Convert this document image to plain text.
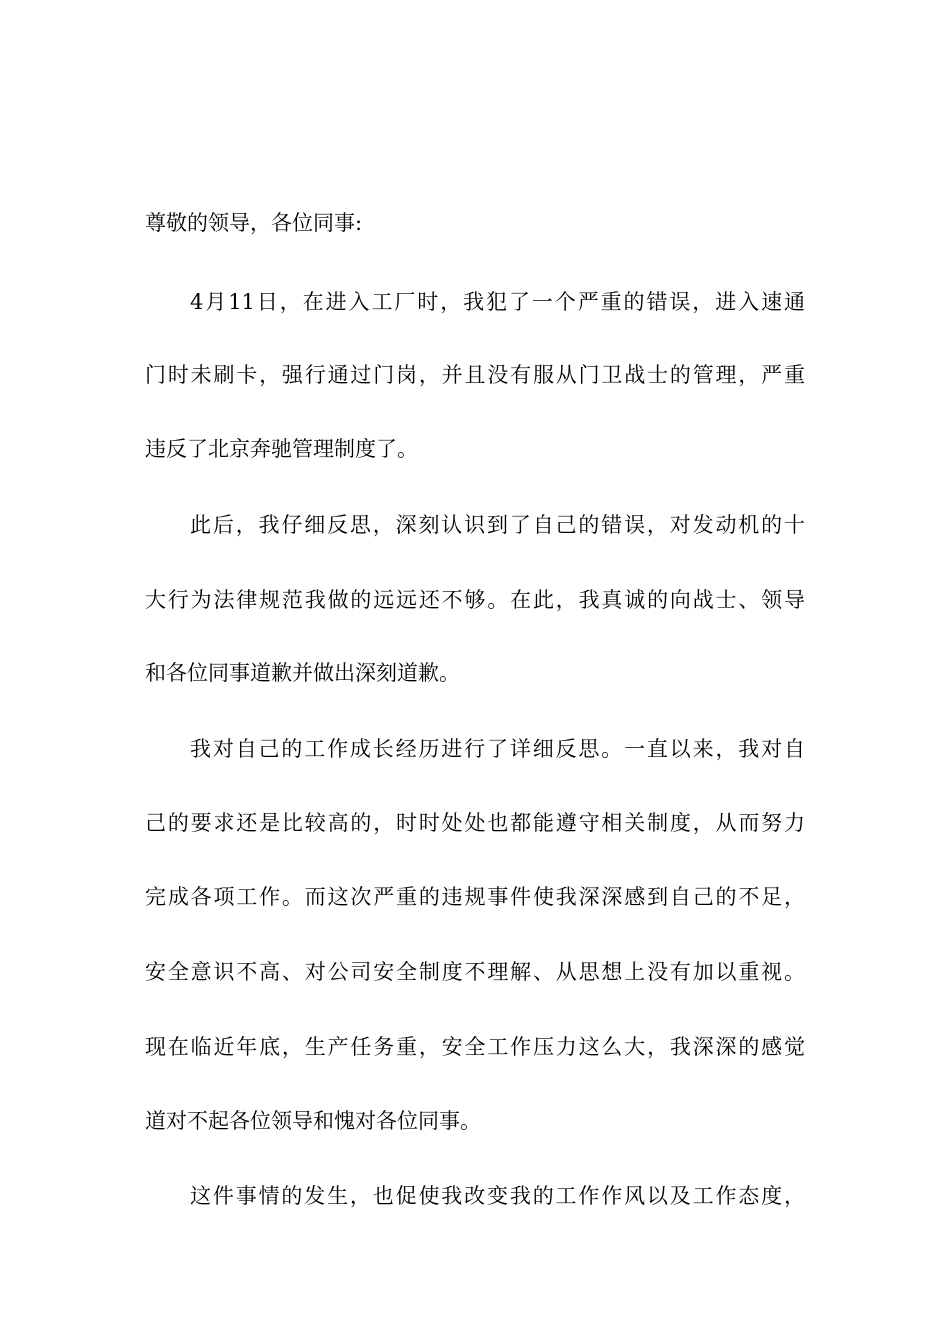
尊敬的领导，各位同事:
4月11日，在进入工厂时，我犯了一个严重的错误，进入速通
门时未刷卡，强行通过门岗，并且没有服从门卫战士的管理，严重
违反了北京奔驰管理制度了。
此后，我仔细反思，深刻认识到了自己的错误，对发动机的十
大行为法律规范我做的远远还不够。在此，我真诚的向战士、领导
和各位同事道歉并做出深刻道歉。
我对自己的工作成长经历进行了详细反思。一直以来，我对自
己的要求还是比较高的，时时处处也都能遵守相关制度，从而努力
完成各项工作。而这次严重的违规事件使我深深感到自己的不足，
安全意识不高、对公司安全制度不理解、从思想上没有加以重视。
现在临近年底，生产任务重，安全工作压力这么大，我深深的感觉
道对不起各位领导和愧对各位同事。
这件事情的发生，也促使我改变我的工作作风以及工作态度，
